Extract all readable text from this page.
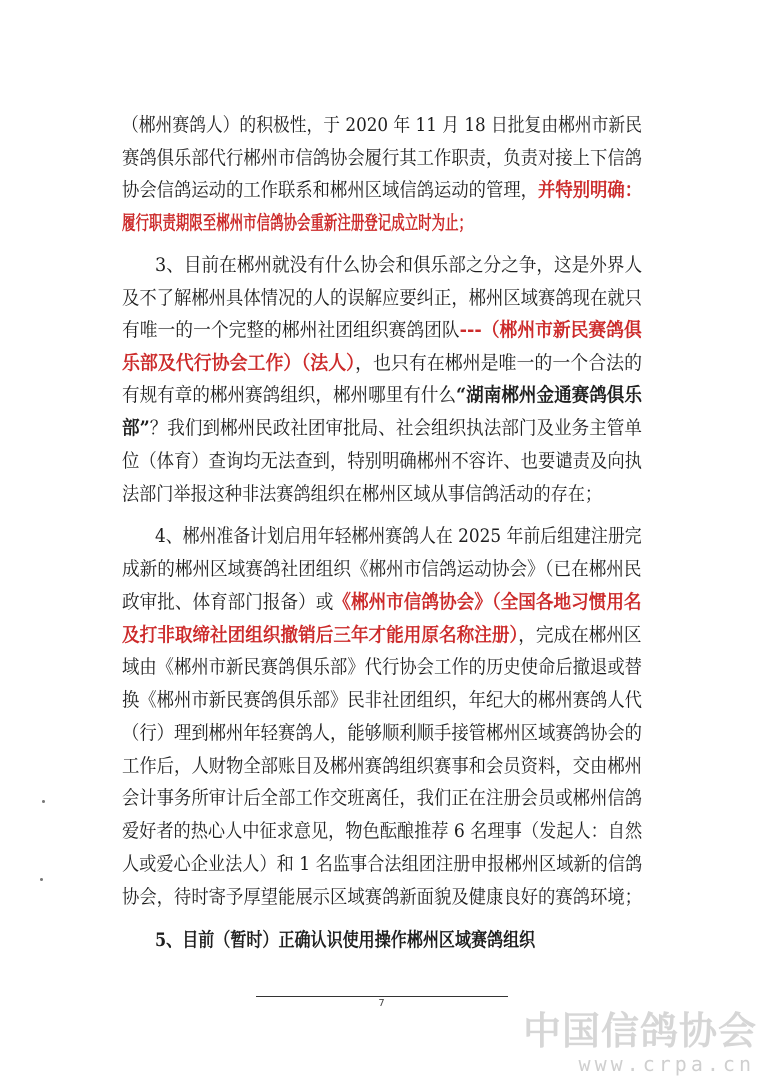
（郴州赛鸽人）的积极性，于 2020 年 11 月 18 日批复由郴州市新民
赛鸽俱乐部代行郴州市信鸽协会履行其工作职责，负责对接上下信鸽
协会信鸽运动的工作联系和郴州区域信鸽运动的管理，并特别明确：
履行职责期限至郴州市信鸽协会重新注册登记成立时为止；
3、目前在郴州就没有什么协会和俱乐部之分之争，这是外界人
及不了解郴州具体情况的人的误解应要纠正，郴州区域赛鸽现在就只
有唯一的一个完整的郴州社团组织赛鸽团队---（郴州市新民赛鸽俱
乐部及代行协会工作）（法人），也只有在郴州是唯一的一个合法的
有规有章的郴州赛鸽组织，郴州哪里有什么“湖南郴州金通赛鸽俱乐
部”？我们到郴州民政社团审批局、社会组织执法部门及业务主管单
位（体育）查询均无法查到，特别明确郴州不容许、也要谴责及向执
法部门举报这种非法赛鸽组织在郴州区域从事信鸽活动的存在；
4、郴州准备计划启用年轻郴州赛鸽人在 2025 年前后组建注册完
成新的郴州区域赛鸽社团组织《郴州市信鸽运动协会》（已在郴州民
政审批、体育部门报备）或《郴州市信鸽协会》（全国各地习惯用名
及打非取缔社团组织撤销后三年才能用原名称注册），完成在郴州区
域由《郴州市新民赛鸽俱乐部》代行协会工作的历史使命后撤退或替
换《郴州市新民赛鸽俱乐部》民非社团组织，年纪大的郴州赛鸽人代
（行）理到郴州年轻赛鸽人，能够顺利顺手接管郴州区域赛鸽协会的
工作后，人财物全部账目及郴州赛鸽组织赛事和会员资料，交由郴州
会计事务所审计后全部工作交班离任，我们正在注册会员或郴州信鸽
爱好者的热心人中征求意见，物色酝酿推荐 6 名理事（发起人：自然
人或爱心企业法人）和 1 名监事合法组团注册申报郴州区域新的信鸽
协会，待时寄予厚望能展示区域赛鸽新面貌及健康良好的赛鸽环境；
5、目前（暂时）正确认识使用操作郴州区域赛鸽组织
7
中国信鸽协会
www.crpa.cn
